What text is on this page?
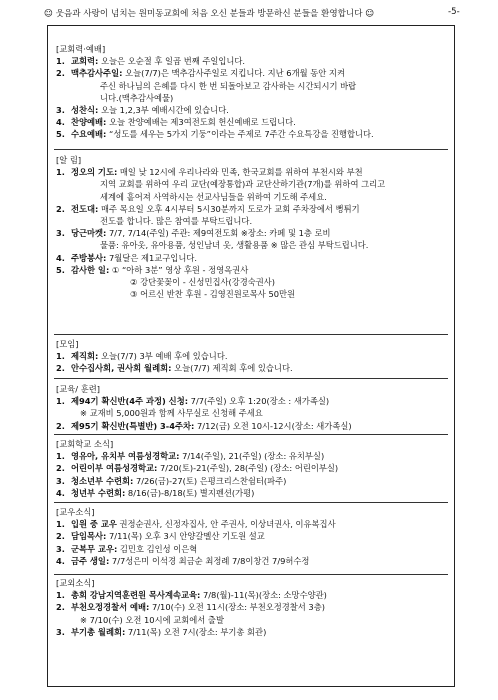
☺ 웃음과 사랑이 넘치는 원미동교회에 처음 오신 분들과 방문하신 분들을 환영합니다 ☺	-5-
[교회력·예배]
1. 교회력: 오늘은 오순절 후 일곱 번째 주일입니다.
2. 맥추감사주일: 오늘(7/7)은 맥추감사주일로 지킵니다. 지난 6개월 동안 지켜
주신 하나님의 은혜를 다시 한 번 되돌아보고 감사하는 시간되시기 바랍
니다.(맥추감사예물)
3. 성찬식: 오늘 1,2,3부 예배시간에 있습니다.
4. 찬양예배: 오늘 찬양예배는 제3여전도회 헌신예배로 드립니다.
5. 수요예배: “성도를 세우는 5가지 기둥”이라는 주제로 7주간 수요특강을 진행합니다.
[알 림]
1. 정오의 기도: 매일 낮 12시에 우리나라와 민족, 한국교회를 위하여 부천시와 부천
지역 교회를 위하여 우리 교단(예장통합)과 교단산하기관(7개)를 위하여 그리고
세계에 흩어져 사역하시는 선교사님들을 위하여 기도해 주세요.
2. 전도대: 매주 목요일 오후 4시부터 5시30분까지 도로가 교회 주차장에서 뻥튀기
전도를 합니다. 많은 참여를 부탁드립니다.
3. 당근마켓: 7/7, 7/14(주일) 주관: 제9여전도회 ※장소: 카페 및 1층 로비
물품: 유아옷, 유아용품, 성인남녀 옷, 생활용품 ※ 많은 관심 부탁드립니다.
4. 주방봉사: 7월달은 제1교구입니다.
5. 감사한 일: ① “아하 3분” 영상 후원 - 정영옥권사
② 강단꽃꽂이 - 신성민집사(강경숙권사)
③ 어르신 반찬 후원 - 김영진원로목사 50만원
[모임]
1. 제직회: 오늘(7/7) 3부 예배 후에 있습니다.
2. 안수집사회, 권사회 월례회: 오늘(7/7) 제직회 후에 있습니다.
[교육/ 훈련]
1. 제94기 확신반(4주 과정) 신청: 7/7(주일) 오후 1:20(장소 : 새가족실)
※ 교재비 5,000원과 함께 사무실로 신청해 주세요
2. 제95기 확신반(특별반) 3-4주차: 7/12(금) 오전 10시-12시(장소: 새가족실)
[교회학교 소식]
1. 영유아, 유치부 여름성경학교: 7/14(주일), 21(주일) (장소: 유치부실)
2. 어린이부 여름성경학교: 7/20(토)-21(주일), 28(주일) (장소: 어린이부실)
3. 청소년부 수련회: 7/26(금)-27(토) 은평크리스찬쉼터(파주)
4. 청년부 수련회: 8/16(금)-8/18(토) 별지펜션(가평)
[교우소식]
1. 입원 중 교우 권정순권사, 신정자집사, 안 주권사, 이상녀권사, 이유복집사
2. 담임목사: 7/11(목) 오후 3시 안양갈멜산 기도원 설교
3. 군복무 교우: 김민호 김인성 이은혁
4. 금주 생일: 7/7성은미 이석경 최금순 최정례 7/8이창건 7/9허수정
[교외소식]
1. 총회 강남지역훈련원 목사계속교육: 7/8(월)-11(목)(장소: 소망수양관)
2. 부천오정경찰서 예배: 7/10(수) 오전 11시(장소: 부천오정경찰서 3층)
※ 7/10(수) 오전 10시에 교회에서 출발
3. 부기총 월례회: 7/11(목) 오전 7시(장소: 부기총 회관)
